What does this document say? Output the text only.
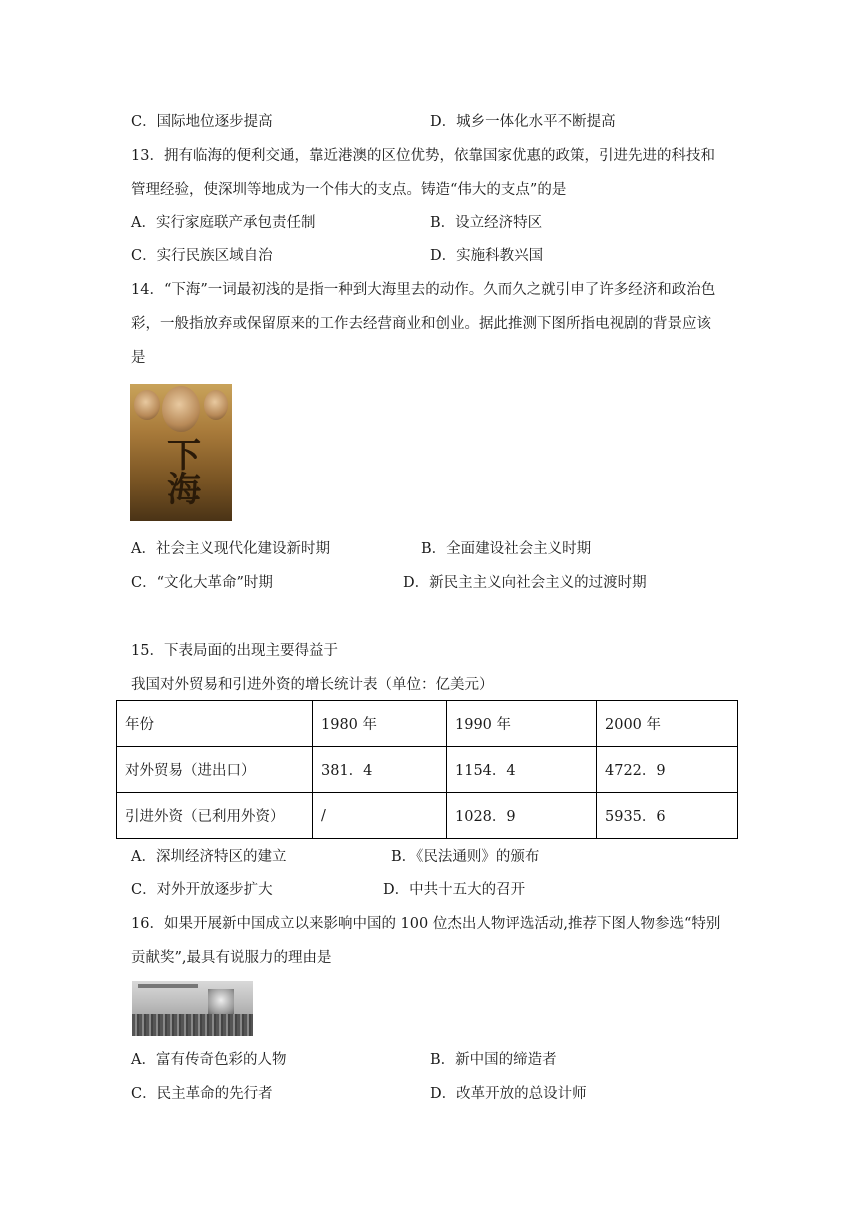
C．国际地位逐步提高	D．城乡一体化水平不断提高
13．拥有临海的便利交通，靠近港澳的区位优势，依靠国家优惠的政策，引进先进的科技和
管理经验，使深圳等地成为一个伟大的支点。铸造“伟大的支点”的是
A．实行家庭联产承包责任制	B．设立经济特区
C．实行民族区域自治	D．实施科教兴国
14．“下海”一词最初浅的是指一种到大海里去的动作。久而久之就引申了许多经济和政治色
彩，一般指放弃或保留原来的工作去经营商业和创业。据此推测下图所指电视剧的背景应该
是
下海
A．社会主义现代化建设新时期	B．全面建设社会主义时期
C．“文化大革命”时期	D．新民主主义向社会主义的过渡时期
15．下表局面的出现主要得益于
我国对外贸易和引进外资的增长统计表（单位：亿美元）
年份	1980 年	1990 年	2000 年
对外贸易（进出口）	381．4	1154．4	4722．9
引进外资（已利用外资）	/	1028．9	5935．6
A．深圳经济特区的建立	B．《民法通则》的颁布
C．对外开放逐步扩大	D．中共十五大的召开
16．如果开展新中国成立以来影响中国的 100 位杰出人物评选活动,推荐下图人物参选“特别
贡献奖”,最具有说服力的理由是
A．富有传奇色彩的人物	B．新中国的缔造者
C．民主革命的先行者	D．改革开放的总设计师
